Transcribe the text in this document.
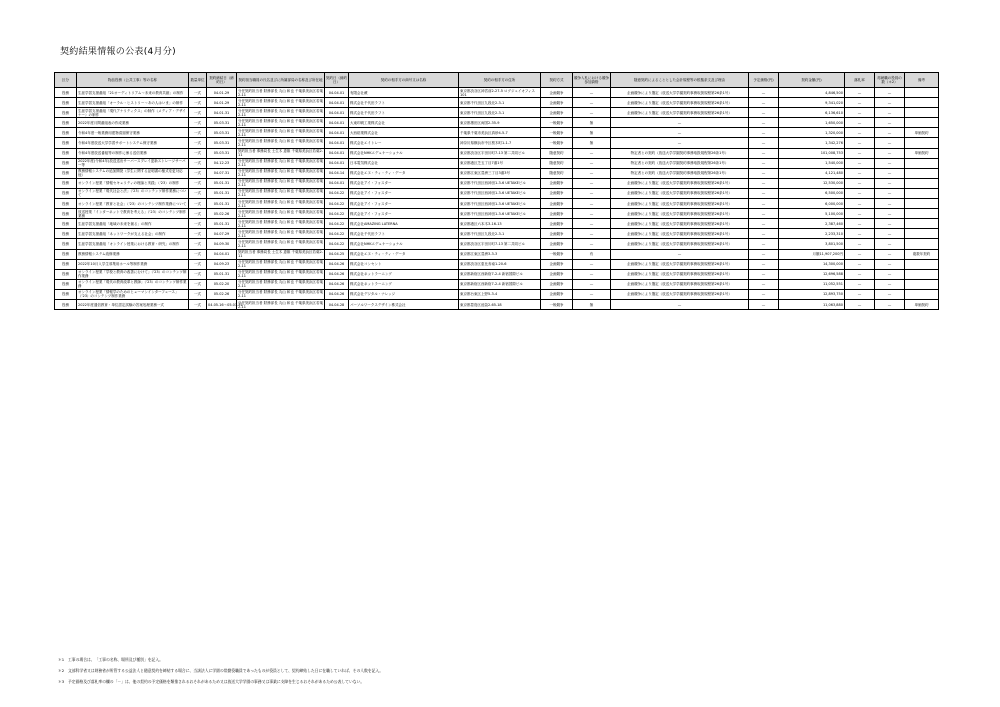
契約結果情報の公表(4月分)
区分	物品役務（公共工事）等の名称	数量単位	契約締結日（締約日）	契約担当職員の氏名並びに所属部局の名称及び所在地	契約日（締約日）	契約の相手方の商号又は名称	契約の相手方の住所	契約方式	競争入札における競争参加資格	随意契約によることとした会計規程等の根拠条文及び理由	予定価格(円)	契約金額(円)	落札率	再就職の役員の数（＊2）	備考
役務	生涯学習支援番組「21オーディトリアム～未来の教育共創」の制作	一式	04.01.29	分任契約担当者 財務部長 丸山 和也 千葉県美浜区若葉2-11	04.04.01	有限会社蔵	東京都渋谷区神宮前2-27-5 ログジェイオフィス101	企画競争	—	企画競争により選定（放送大学学園契約事務取扱規程第26条1号）	—	4,846,500	—	—	
役務	生涯学習支援番組「オーラル・ヒストリー～あの人はいま」の制作	一式	04.01.29	分任契約担当者 財務部長 丸山 和也 千葉県美浜区若葉2-11	04.04.01	株式会社千代田ラフト	東京都千代田区九段北2-3-1	企画競争	—	企画競争により選定（放送大学学園契約事務取扱規程第26条1号）	—	9,341,020	—	—	
役務	生涯学習支援番組「現代アナリティクス」の制作（メディア・デザイナー）の制作	一式	04.01.31	分任契約担当者 財務部長 丸山 和也 千葉県美浜区若葉2-11	04.04.01	株式会社千代田ラフト	東京都千代田区九段北2-3-1	企画競争	—	企画競争により選定（放送大学学園契約事務取扱規程第26条1号）	—	6,136,610	—	—	
役務	2022年度月間番組表の作成業務	一式	05.03.31	分任契約担当者 財務部長 丸山 和也 千葉県美浜区若葉2-11	04.04.01	大東印刷工業株式会社	東京都墨田区両国2-35-9	一般競争	無	—	—	1,650,000	—	—	
役務	令和4年度一般業務用建物清掃保守業務	一式	05.03.31	分任契約担当者 財務部長 丸山 和也 千葉県美浜区若葉2-11	04.04.01	大西総業株式会社	千葉県千葉市美浜区真砂4-5-7	一般競争	無	—	—	1,320,000	—	—	単価契約
役務	令和4年度放送大学学習サポートシステム保守業務	一式	05.03.31	分任契約担当者 財務部長 丸山 和也 千葉県美浜区若葉2-11	04.04.01	株式会社エイトレー	神奈川県横浜市中区桜木町1-1-7	一般競争	無	—	—	1,342,276	—	—	
役務	令和4年度放送番組等の制作に係る送信業務	一式	05.03.31	契約担当者 事務局長 土生木 恵雄 千葉県美浜区若葉2-11	04.04.01	株式会社NHKエデュケーショナル	東京都渋谷区宇田川町7-13 第二共同ビル	随意契約	—	特定者との契約（放送大学学園契約事務取扱規程第26条1号）	—	101,008,753	—	—	単価契約
役務	2022年度(令和4年)放送送出サーバースプレイ更新ストレージサーバー等	一式	04.12.23	分任契約担当者 財務部長 丸山 和也 千葉県美浜区若葉2-11	04.04.01	日本電気株式会社	東京都港区芝五丁目7番1号	随意契約	—	特定者との契約（放送大学学園契約事務取扱規程第26条1号）	—	1,540,000	—	—	
役務	教務情報システムの追加開発（学生に関する証明書の様式変更対応他）	一式	04.07.31	分任契約担当者 財務部長 丸山 和也 千葉県美浜区若葉2-11	04.04.14	株式会社エヌ・ティ・ティ・データ	東京都江東区豊洲三丁目3番3号	随意契約	—	特定者との契約（放送大学学園契約事務取扱規程第26条1号）	—	4,121,480	—	—	
役務	オンライン授業「情報セキュリティの理論と実践」（'23）の制作	一式	05.01.31	分任契約担当者 財務部長 丸山 和也 千葉県美浜区若葉2-11	04.04.01	株式会社アイ・フォスター	東京都千代田区西神田1-3-6 UETAKEビル	企画競争	—	企画競争により選定（放送大学学園契約事務取扱規程第26条1号）	—	12,530,000	—	—	
役務	オンライン授業「現代社会と法」（'23）のコンテンツ制作業務について	一式	05.01.31	分任契約担当者 財務部長 丸山 和也 千葉県美浜区若葉2-11	04.04.22	株式会社アイ・フォスター	東京都千代田区西神田1-3-6 UETAKEビル	企画競争	—	企画競争により選定（放送大学学園契約事務取扱規程第26条1号）	—	6,500,000	—	—	
役務	オンライン授業「教育と社会」（'23）のコンテンツ制作業務について	一式	05.01.31	分任契約担当者 財務部長 丸山 和也 千葉県美浜区若葉2-11	04.04.22	株式会社アイ・フォスター	東京都千代田区西神田1-3-6 UETAKEビル	企画競争	—	企画競争により選定（放送大学学園契約事務取扱規程第26条1号）	—	6,000,000	—	—	
役務	放送授業「インターネットで教育を考える」（'23）のコンテンツ制作業務	一式	05.02.26	分任契約担当者 財務部長 丸山 和也 千葉県美浜区若葉2-11	04.04.22	株式会社アイ・フォスター	東京都千代田区西神田1-3-6 UETAKEビル	企画競争	—	企画競争により選定（放送大学学園契約事務取扱規程第26条1号）	—	5,100,000	—	—	
役務	生涯学習支援番組「地域の未来を創る」の制作	一式	05.01.31	分任契約担当者 財務部長 丸山 和也 千葉県美浜区若葉2-11	04.04.22	株式会社AMAZING LATERNA	東京都港区六本木3-16-13	企画競争	—	企画競争により選定（放送大学学園契約事務取扱規程第26条1号）	—	2,387,460	—	—	
役務	生涯学習支援番組「ネットワークが支える社会」の制作	一式	04.07.29	分任契約担当者 財務部長 丸山 和也 千葉県美浜区若葉2-11	04.04.22	株式会社千代田ラフト	東京都千代田区九段北2-3-1	企画競争	—	企画競争により選定（放送大学学園契約事務取扱規程第26条1号）	—	2,233,310	—	—	
役務	生涯学習支援番組「オンライン授業における教育・研究」の制作	一式	04.09.30	分任契約担当者 財務部長 丸山 和也 千葉県美浜区若葉2-11	04.04.22	株式会社NHKエデュケーショナル	東京都渋谷区宇田川町7-13 第二共同ビル	企画競争	—	企画競争により選定（放送大学学園契約事務取扱規程第26条1号）	—	3,801,500	—	—	
役務	教務情報システム改修業務	一式	04.04.01	契約担当者 事務局長 土生木 恵雄 千葉県美浜区若葉2-11	04.04.25	株式会社エヌ・ティ・ティ・データ	東京都江東区豊洲3-3-3	一般競争	有	—	—	月額11,907,200円	—	—	複数年契約
役務	2022年10月入学生募集用ホール等制作業務	一式	04.09.23	分任契約担当者 財務部長 丸山 和也 千葉県美浜区若葉2-11	04.04.26	株式会社コンセント	東京都渋谷区恵比寿南1-20-6	企画競争	—	企画競争により選定（放送大学学園契約事務取扱規程第26条1号）	—	14,300,000	—	—	
役務	オンライン授業「学校と教育の改善にむけて」（'23）のコンテンツ制作業務	一式	05.01.31	分任契約担当者 財務部長 丸山 和也 千葉県美浜区若葉2-11	04.04.26	株式会社ネットラーニング	東京都新宿区西新宿7-2-4 新宿国際ビル	企画競争	—	企画競争により選定（放送大学学園契約事務取扱規程第26条1号）	—	12,696,588	—	—	
役務	オンライン授業「現代の教育改革と教師」（'23）のコンテンツ制作業務	一式	05.02.20	分任契約担当者 財務部長 丸山 和也 千葉県美浜区若葉2-11	04.04.26	株式会社ネットラーニング	東京都新宿区西新宿7-2-4 新宿国際ビル	企画競争	—	企画競争により選定（放送大学学園契約事務取扱規程第26条1号）	—	11,052,551	—	—	
役務	オンライン授業「情報学のためのヒューマンインターフェース」（'23）のコンテンツ制作業務	一式	05.02.26	分任契約担当者 財務部長 丸山 和也 千葉県美浜区若葉2-11	04.04.26	株式会社デジタル・ナレッジ	東京都台東区上野5-3-4	企画競争	—	企画競争により選定（放送大学学園契約事務取扱規程第26条1号）	—	12,893,750	—	—	
役務	2022年度通信教育・単位認定試験の答案処理業務一式	一式	04.05.16～05.03.31	分任契約担当者 財務部長 丸山 和也 千葉県美浜区若葉2-11	04.04.28	パーソルワークスデザイン株式会社	東京都豊島区池袋2-65-18	一般競争	無	—	—	11,063,880	—	—	単価契約
＊1　工事の場合は、「工事の名称、場所及び種別」を記入。
＊2　文部科学省又は財務省が所管する公益法人と随意契約を締結する場合に、当該法人に学園の常勤役職員であったものが役員として、契約締結した日に在職していれば、その人数を記入。
＊3　予定価格及び落札率の欄の「－」は、他の契約の予定価格を類推されるおそれがあるため又は放送大学学園の事務又は事業に支障を生じるおそれがあるため公表していない。
